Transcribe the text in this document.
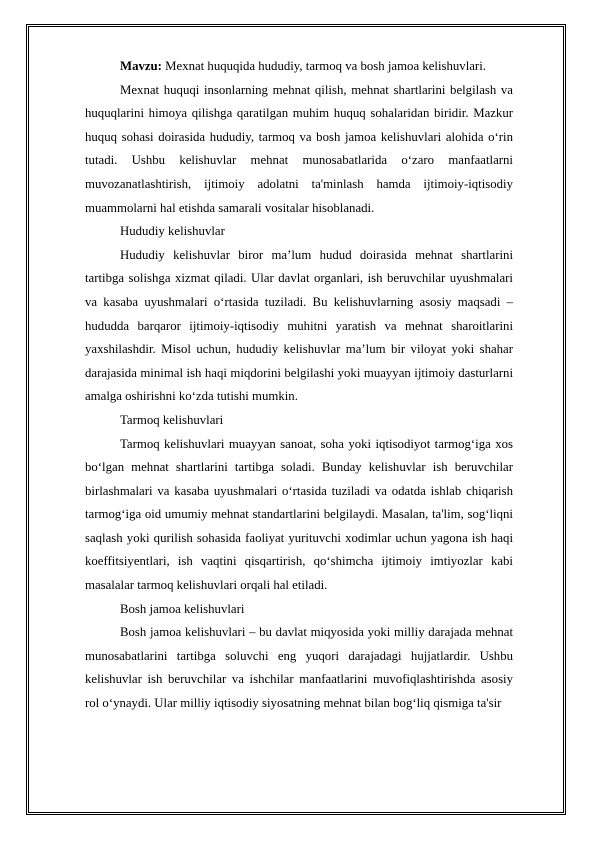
Mavzu: Mexnat huquqida hududiy, tarmoq va bosh jamoa kelishuvlari.

Mexnat huquqi insonlarning mehnat qilish, mehnat shartlarini belgilash va huquqlarini himoya qilishga qaratilgan muhim huquq sohalaridan biridir. Mazkur huquq sohasi doirasida hududiy, tarmoq va bosh jamoa kelishuvlari alohida o‘rin tutadi. Ushbu kelishuvlar mehnat munosabatlarida o‘zaro manfaatlarni muvozanatlashtirish, ijtimoiy adolatni ta'minlash hamda ijtimoiy-iqtisodiy muammolarni hal etishda samarali vositalar hisoblanadi.

Hududiy kelishuvlar

Hududiy kelishuvlar biror ma’lum hudud doirasida mehnat shartlarini tartibga solishga xizmat qiladi. Ular davlat organlari, ish beruvchilar uyushmalari va kasaba uyushmalari o‘rtasida tuziladi. Bu kelishuvlarning asosiy maqsadi – hududda barqaror ijtimoiy-iqtisodiy muhitni yaratish va mehnat sharoitlarini yaxshilashdir. Misol uchun, hududiy kelishuvlar ma’lum bir viloyat yoki shahar darajasida minimal ish haqi miqdorini belgilashi yoki muayyan ijtimoiy dasturlarni amalga oshirishni ko‘zda tutishi mumkin.

Tarmoq kelishuvlari

Tarmoq kelishuvlari muayyan sanoat, soha yoki iqtisodiyot tarmog‘iga xos bo‘lgan mehnat shartlarini tartibga soladi. Bunday kelishuvlar ish beruvchilar birlashmalari va kasaba uyushmalari o‘rtasida tuziladi va odatda ishlab chiqarish tarmog‘iga oid umumiy mehnat standartlarini belgilaydi. Masalan, ta'lim, sog‘liqni saqlash yoki qurilish sohasida faoliyat yurituvchi xodimlar uchun yagona ish haqi koeffitsiyentlari, ish vaqtini qisqartirish, qo‘shimcha ijtimoiy imtiyozlar kabi masalalar tarmoq kelishuvlari orqali hal etiladi.

Bosh jamoa kelishuvlari

Bosh jamoa kelishuvlari – bu davlat miqyosida yoki milliy darajada mehnat munosabatlarini tartibga soluvchi eng yuqori darajadagi hujjatlardir. Ushbu kelishuvlar ish beruvchilar va ishchilar manfaatlarini muvofiqlashtirishda asosiy rol o‘ynaydi. Ular milliy iqtisodiy siyosatning mehnat bilan bog‘liq qismiga ta'sir
